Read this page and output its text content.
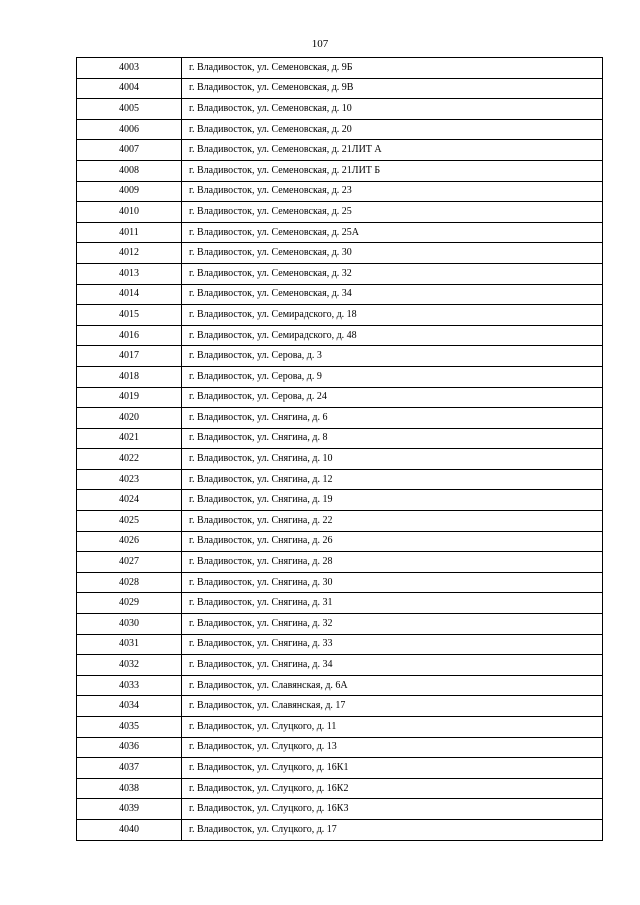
107
4003	г. Владивосток, ул. Семеновская, д. 9Б
4004	г. Владивосток, ул. Семеновская, д. 9В
4005	г. Владивосток, ул. Семеновская, д. 10
4006	г. Владивосток, ул. Семеновская, д. 20
4007	г. Владивосток, ул. Семеновская, д. 21ЛИТ А
4008	г. Владивосток, ул. Семеновская, д. 21ЛИТ Б
4009	г. Владивосток, ул. Семеновская, д. 23
4010	г. Владивосток, ул. Семеновская, д. 25
4011	г. Владивосток, ул. Семеновская, д. 25А
4012	г. Владивосток, ул. Семеновская, д. 30
4013	г. Владивосток, ул. Семеновская, д. 32
4014	г. Владивосток, ул. Семеновская, д. 34
4015	г. Владивосток, ул. Семирадского, д. 18
4016	г. Владивосток, ул. Семирадского, д. 48
4017	г. Владивосток, ул. Серова, д. 3
4018	г. Владивосток, ул. Серова, д. 9
4019	г. Владивосток, ул. Серова, д. 24
4020	г. Владивосток, ул. Снягина, д. 6
4021	г. Владивосток, ул. Снягина, д. 8
4022	г. Владивосток, ул. Снягина, д. 10
4023	г. Владивосток, ул. Снягина, д. 12
4024	г. Владивосток, ул. Снягина, д. 19
4025	г. Владивосток, ул. Снягина, д. 22
4026	г. Владивосток, ул. Снягина, д. 26
4027	г. Владивосток, ул. Снягина, д. 28
4028	г. Владивосток, ул. Снягина, д. 30
4029	г. Владивосток, ул. Снягина, д. 31
4030	г. Владивосток, ул. Снягина, д. 32
4031	г. Владивосток, ул. Снягина, д. 33
4032	г. Владивосток, ул. Снягина, д. 34
4033	г. Владивосток, ул. Славянская, д. 6А
4034	г. Владивосток, ул. Славянская, д. 17
4035	г. Владивосток, ул. Слуцкого, д. 11
4036	г. Владивосток, ул. Слуцкого, д. 13
4037	г. Владивосток, ул. Слуцкого, д. 16К1
4038	г. Владивосток, ул. Слуцкого, д. 16К2
4039	г. Владивосток, ул. Слуцкого, д. 16К3
4040	г. Владивосток, ул. Слуцкого, д. 17
